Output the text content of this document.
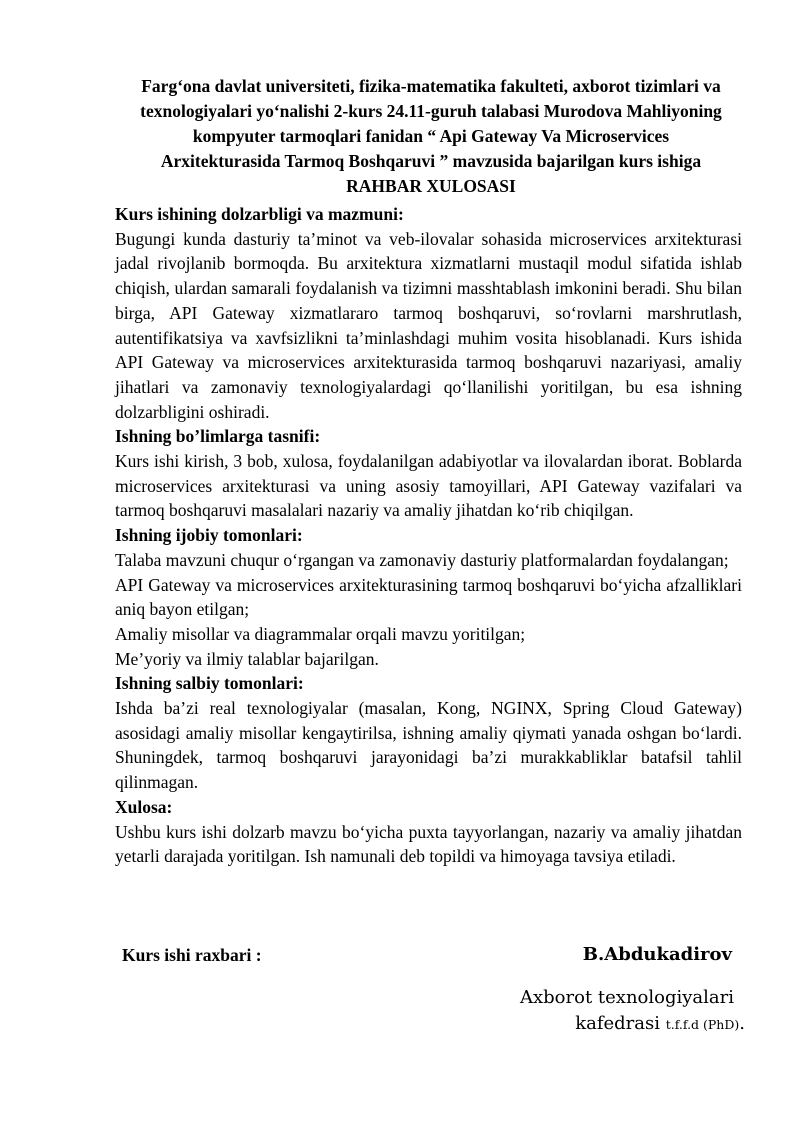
Farg‘ona davlat universiteti, fizika-matematika fakulteti, axborot tizimlari va
texnologiyalari yo‘nalishi 2-kurs 24.11-guruh talabasi Murodova Mahliyoning
kompyuter tarmoqlari fanidan “ Api Gateway Va Microservices
Arxitekturasida Tarmoq Boshqaruvi ” mavzusida bajarilgan kurs ishiga
RAHBAR XULOSASI
Kurs ishining dolzarbligi va mazmuni:
Bugungi kunda dasturiy ta’minot va veb-ilovalar sohasida microservices arxitekturasi jadal rivojlanib bormoqda. Bu arxitektura xizmatlarni mustaqil modul sifatida ishlab chiqish, ulardan samarali foydalanish va tizimni masshtablash imkonini beradi. Shu bilan birga, API Gateway xizmatlararo tarmoq boshqaruvi, so‘rovlarni marshrutlash, autentifikatsiya va xavfsizlikni ta’minlashdagi muhim vosita hisoblanadi. Kurs ishida API Gateway va microservices arxitekturasida tarmoq boshqaruvi nazariyasi, amaliy jihatlari va zamonaviy texnologiyalardagi qo‘llanilishi yoritilgan, bu esa ishning dolzarbligini oshiradi.
Ishning bo’limlarga tasnifi:
Kurs ishi kirish, 3 bob, xulosa, foydalanilgan adabiyotlar va ilovalardan iborat. Boblarda microservices arxitekturasi va uning asosiy tamoyillari, API Gateway vazifalari va tarmoq boshqaruvi masalalari nazariy va amaliy jihatdan ko‘rib chiqilgan.
Ishning ijobiy tomonlari:
Talaba mavzuni chuqur o‘rgangan va zamonaviy dasturiy platformalardan foydalangan;
API Gateway va microservices arxitekturasining tarmoq boshqaruvi bo‘yicha afzalliklari aniq bayon etilgan;
Amaliy misollar va diagrammalar orqali mavzu yoritilgan;
Me’yoriy va ilmiy talablar bajarilgan.
Ishning salbiy tomonlari:
Ishda ba’zi real texnologiyalar (masalan, Kong, NGINX, Spring Cloud Gateway) asosidagi amaliy misollar kengaytirilsa, ishning amaliy qiymati yanada oshgan bo‘lardi. Shuningdek, tarmoq boshqaruvi jarayonidagi ba’zi murakkabliklar batafsil tahlil qilinmagan.
Xulosa:
Ushbu kurs ishi dolzarb mavzu bo‘yicha puxta tayyorlangan, nazariy va amaliy jihatdan yetarli darajada yoritilgan. Ish namunali deb topildi va himoyaga tavsiya etiladi.
Kurs ishi raxbari :	B.Abdukadirov
Axborot texnologiyalari
kafedrasi t.f.f.d (PhD).
